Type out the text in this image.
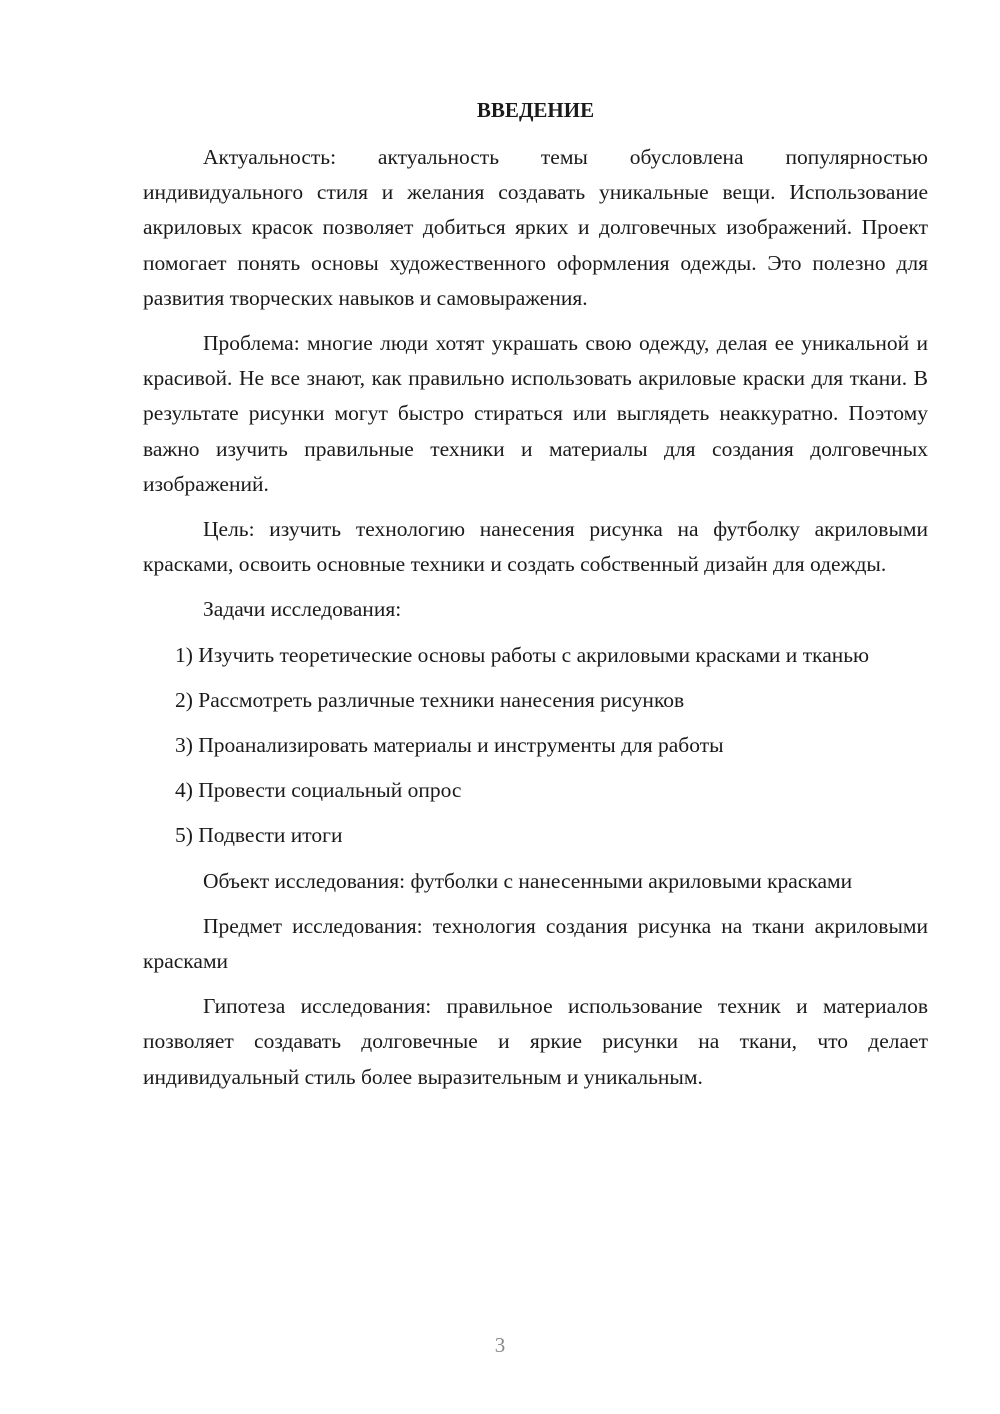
ВВЕДЕНИЕ

Актуальность: актуальность темы обусловлена популярностью индивидуального стиля и желания создавать уникальные вещи. Использование акриловых красок позволяет добиться ярких и долговечных изображений. Проект помогает понять основы художественного оформления одежды. Это полезно для развития творческих навыков и самовыражения.

Проблема: многие люди хотят украшать свою одежду, делая ее уникальной и красивой. Не все знают, как правильно использовать акриловые краски для ткани. В результате рисунки могут быстро стираться или выглядеть неаккуратно. Поэтому важно изучить правильные техники и материалы для создания долговечных изображений.

Цель: изучить технологию нанесения рисунка на футболку акриловыми красками, освоить основные техники и создать собственный дизайн для одежды.

Задачи исследования:

1) Изучить теоретические основы работы с акриловыми красками и тканью

2) Рассмотреть различные техники нанесения рисунков

3) Проанализировать материалы и инструменты для работы

4) Провести социальный опрос

5) Подвести итоги

Объект исследования: футболки с нанесенными акриловыми красками

Предмет исследования: технология создания рисунка на ткани акриловыми красками

Гипотеза исследования: правильное использование техник и материалов позволяет создавать долговечные и яркие рисунки на ткани, что делает индивидуальный стиль более выразительным и уникальным.

3
